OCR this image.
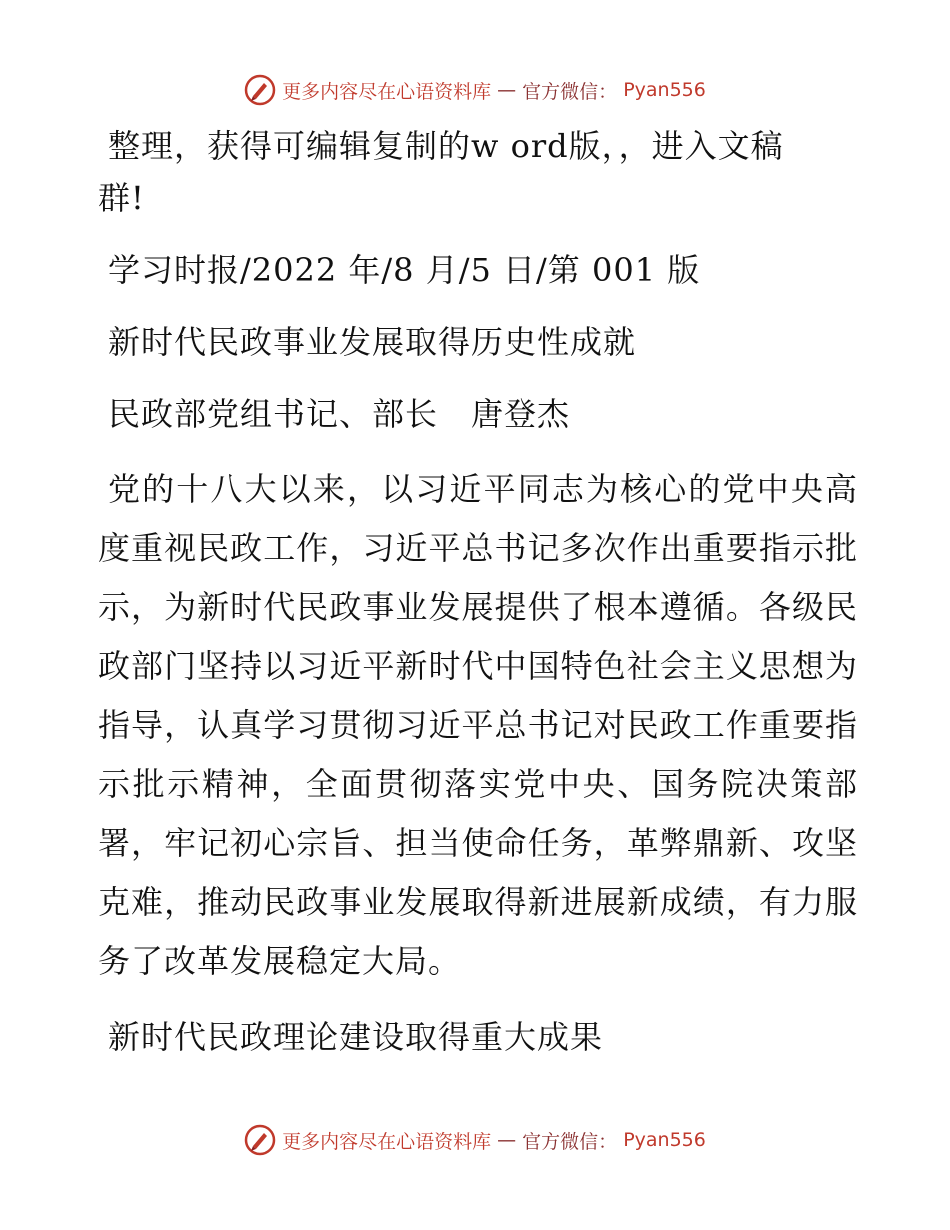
更多内容尽在心语资料库 — 官方微信： Pyan556

整理，获得可编辑复制的w ord版，，进入文稿

群!

学习时报/2022 年/8 月/5 日/第 001 版

新时代民政事业发展取得历史性成就

民政部党组书记、部长　唐登杰

党的十八大以来，以习近平同志为核心的党中央高度重视民政工作，习近平总书记多次作出重要指示批示，为新时代民政事业发展提供了根本遵循。各级民政部门坚持以习近平新时代中国特色社会主义思想为指导，认真学习贯彻习近平总书记对民政工作重要指示批示精神，全面贯彻落实党中央、国务院决策部署，牢记初心宗旨、担当使命任务，革弊鼎新、攻坚克难，推动民政事业发展取得新进展新成绩，有力服务了改革发展稳定大局。

新时代民政理论建设取得重大成果

更多内容尽在心语资料库 — 官方微信： Pyan556
